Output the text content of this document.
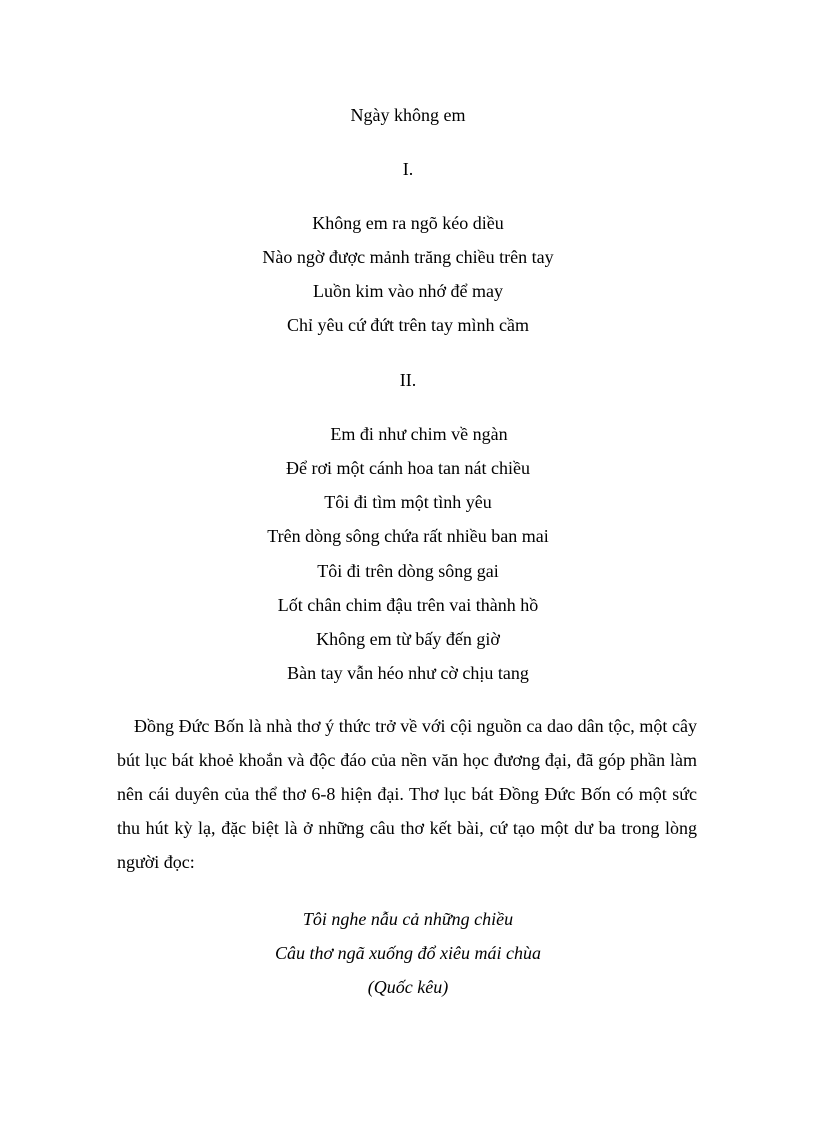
Ngày không em
I.
Không em ra ngõ kéo diều
Nào ngờ được mảnh trăng chiều trên tay
Luồn kim vào nhớ để may
Chỉ yêu cứ đứt trên tay mình cầm
II.
Em đi như chim về ngàn
Để rơi một cánh hoa tan nát chiều
Tôi đi tìm một tình yêu
Trên dòng sông chứa rất nhiều ban mai
Tôi đi trên dòng sông gai
Lốt chân chim đậu trên vai thành hồ
Không em từ bấy đến giờ
Bàn tay vẫn héo như cờ chịu tang
Đồng Đức Bốn là nhà thơ ý thức trở về với cội nguồn ca dao dân tộc, một cây bút lục bát khoẻ khoắn và độc đáo của nền văn học đương đại, đã góp phần làm nên cái duyên của thể thơ 6-8 hiện đại. Thơ lục bát Đồng Đức Bốn có một sức thu hút kỳ lạ, đặc biệt là ở những câu thơ kết bài, cứ tạo một dư ba trong lòng người đọc:
Tôi nghe nẫu cả những chiều
Câu thơ ngã xuống đổ xiêu mái chùa
(Quốc kêu)
